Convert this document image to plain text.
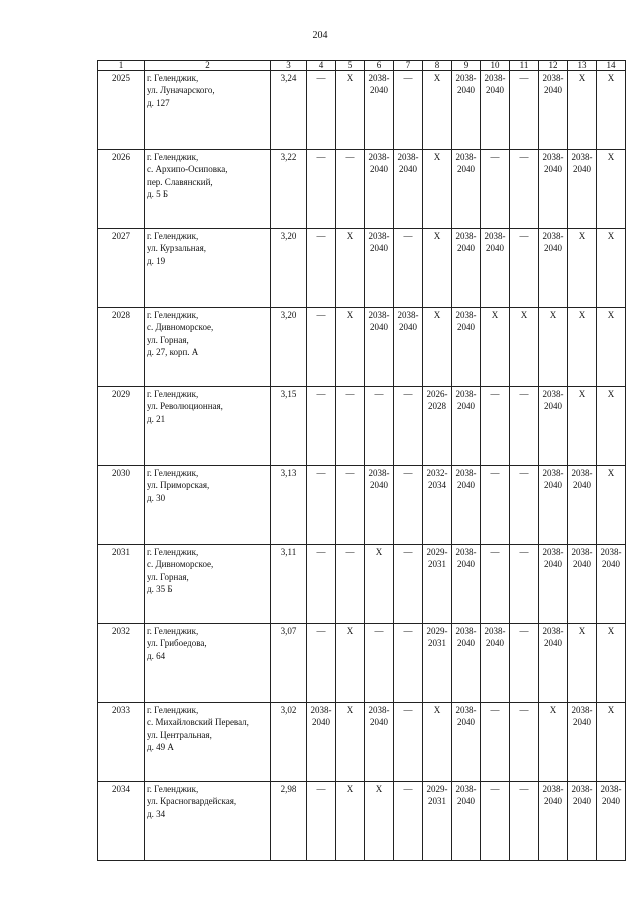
204
1	2	3	4	5	6	7	8	9	10	11	12	13	14
2025	г. Геленджик,
ул. Луначарского,
д. 127	3,24	—	Х	2038-
2040	—	Х	2038-
2040	2038-
2040	—	2038-
2040	Х	Х
2026	г. Геленджик,
с. Архипо-Осиповка,
пер. Славянский,
д. 5 Б	3,22	—	—	2038-
2040	2038-
2040	Х	2038-
2040	—	—	2038-
2040	2038-
2040	Х
2027	г. Геленджик,
ул. Курзальная,
д. 19	3,20	—	Х	2038-
2040	—	Х	2038-
2040	2038-
2040	—	2038-
2040	Х	Х
2028	г. Геленджик,
с. Дивноморское,
ул. Горная,
д. 27, корп. А	3,20	—	Х	2038-
2040	2038-
2040	Х	2038-
2040	Х	Х	Х	Х	Х
2029	г. Геленджик,
ул. Революционная,
д. 21	3,15	—	—	—	—	2026-
2028	2038-
2040	—	—	2038-
2040	Х	Х
2030	г. Геленджик,
ул. Приморская,
д. 30	3,13	—	—	2038-
2040	—	2032-
2034	2038-
2040	—	—	2038-
2040	2038-
2040	Х
2031	г. Геленджик,
с. Дивноморское,
ул. Горная,
д. 35 Б	3,11	—	—	Х	—	2029-
2031	2038-
2040	—	—	2038-
2040	2038-
2040	2038-
2040
2032	г. Геленджик,
ул. Грибоедова,
д. 64	3,07	—	Х	—	—	2029-
2031	2038-
2040	2038-
2040	—	2038-
2040	Х	Х
2033	г. Геленджик,
с. Михайловский Перевал,
ул. Центральная,
д. 49 А	3,02	2038-
2040	Х	2038-
2040	—	Х	2038-
2040	—	—	Х	2038-
2040	Х
2034	г. Геленджик,
ул. Красногвардейская,
д. 34	2,98	—	Х	Х	—	2029-
2031	2038-
2040	—	—	2038-
2040	2038-
2040	2038-
2040
